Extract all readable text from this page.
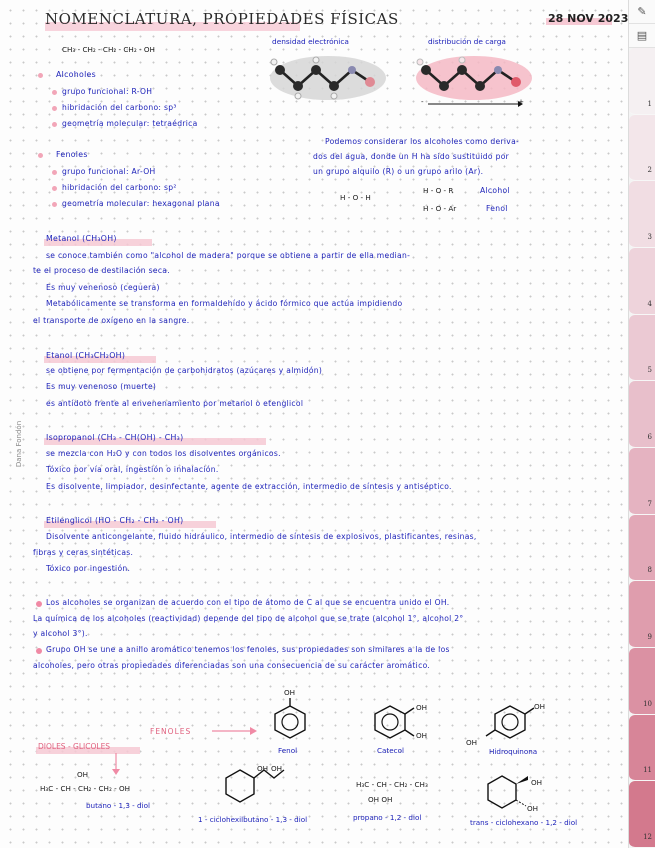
NOMENCLATURA, PROPIEDADES FÍSICAS	28 NOV 2023
CH₃ - CH₂ - CH₂ - CH₂ - OH
densidad electrónica	distribución de carga
-	+
Alcoholes
grupo funcional: R-OH
hibridación del carbono: sp³
geometría molecular: tetraédrica
Fenoles
grupo funcional: Ar-OH
hibridación del carbono: sp²
geometría molecular: hexagonal plana
Podemos considerar los alcoholes como deriva-
dos del agua, donde un H ha sido sustituido por
un grupo alquilo (R) o un grupo arilo (Ar).
H - O - H
H - O - R	Alcohol
H - O - Ar	Fenol
Metanol (CH₃OH)
se conoce también como "alcohol de madera" porque se obtiene a partir de ella median-
te el proceso de destilación seca.
Es muy venenoso (ceguera)
Metabólicamente se transforma en formaldehído y ácido fórmico que actúa impidiendo
el transporte de oxígeno en la sangre.
Etanol (CH₃CH₂OH)
se obtiene por fermentación de carbohidratos (azúcares y almidón)
Es muy venenoso (muerte)
es antídoto frente al envenenamiento por metanol o etenglicol
Isopropanol (CH₃ - CH(OH) - CH₃)
se mezcla con H₂O y con todos los disolventes orgánicos.
Tóxico por vía oral, ingestión o inhalación.
Es disolvente, limpiador, desinfectante, agente de extracción, intermedio de síntesis y antiséptico.
Etilenglicol (HO - CH₂ - CH₂ - OH)
Disolvente anticongelante, fluido hidráulico, intermedio de síntesis de explosivos, plastificantes, resinas,
fibras y ceras sintéticas.
Tóxico por ingestión.
Los alcoholes se organizan de acuerdo con el tipo de átomo de C al que se encuentra unido el OH.
La química de los alcoholes (reactividad) depende del tipo de alcohol que se trate (alcohol 1°, alcohol 2°
y alcohol 3°).
Grupo OH se une a anillo aromático tenemos los fenoles, sus propiedades son similares a la de los
alcoholes, pero otras propiedades diferenciadas son una consecuencia de su carácter aromático.
FENOLES
DIOLES - GLICOLES
OH
Fenol
OH
OH
Catecol
OH
OH
Hidroquinona
OH
H₃C - CH - CH₂ - CH₂ - OH
butano - 1,3 - diol
OH OH
1 - ciclohexilbutano - 1,3 - diol
H₃C - CH - CH₂ - CH₃
OH OH
propano - 1,2 - diol
OH
OH
trans - ciclohexano - 1,2 - diol
Dana Fondón
✎
▤
1
2
3
4
5
6
7
8
9
10
11
12
